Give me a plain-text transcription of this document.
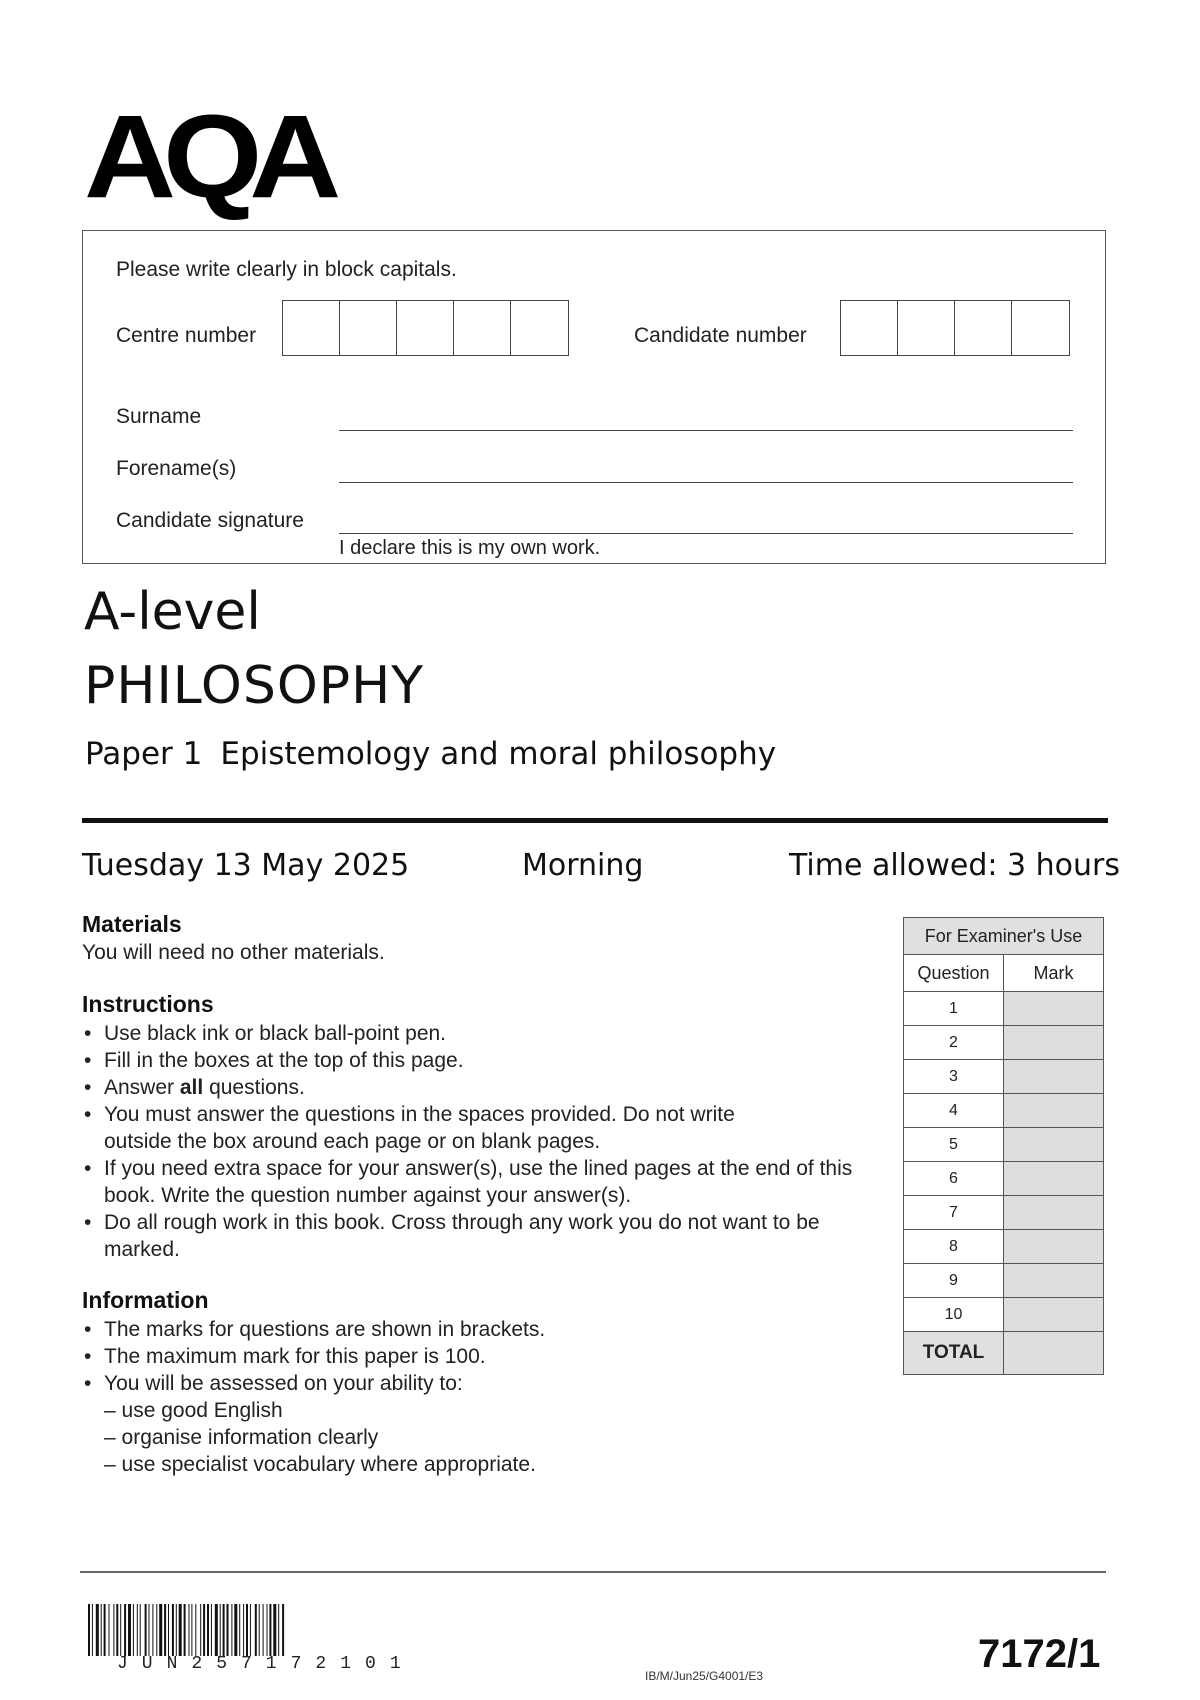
AQA
Please write clearly in block capitals.
Centre number	Candidate number
Surname
Forename(s)
Candidate signature
I declare this is my own work.
A-level
PHILOSOPHY
Paper 1 Epistemology and moral philosophy
Tuesday 13 May 2025	Morning	Time allowed: 3 hours
Materials
You will need no other materials.
Instructions
• Use black ink or black ball-point pen.
• Fill in the boxes at the top of this page.
• Answer all questions.
• You must answer the questions in the spaces provided. Do not write outside the box around each page or on blank pages.
• If you need extra space for your answer(s), use the lined pages at the end of this book. Write the question number against your answer(s).
• Do all rough work in this book. Cross through any work you do not want to be marked.
Information
• The marks for questions are shown in brackets.
• The maximum mark for this paper is 100.
• You will be assessed on your ability to:
– use good English
– organise information clearly
– use specialist vocabulary where appropriate.
For Examiner's Use	
Question	Mark
1	
2	
3	
4	
5	
6	
7	
8	
9	
10	
TOTAL	
JUN257172101
IB/M/Jun25/G4001/E3	7172/1
